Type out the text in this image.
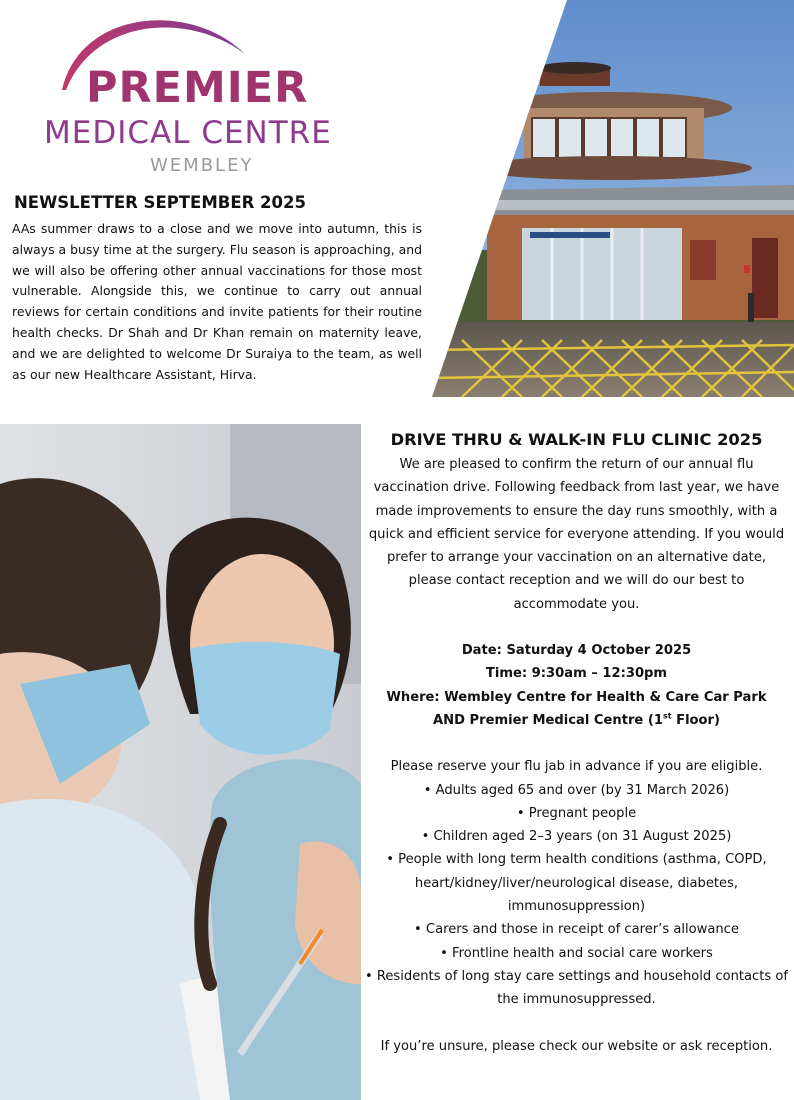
PREMIER
MEDICAL CENTRE
WEMBLEY
NEWSLETTER SEPTEMBER 2025

AAs summer draws to a close and we move into autumn, this is always a busy time at the surgery. Flu season is approaching, and we will also be offering other annual vaccinations for those most vulnerable. Alongside this, we continue to carry out annual reviews for certain conditions and invite patients for their routine health checks. Dr Shah and Dr Khan remain on maternity leave, and we are delighted to welcome Dr Suraiya to the team, as well as our new Healthcare Assistant, Hirva.

DRIVE THRU & WALK-IN FLU CLINIC 2025

We are pleased to confirm the return of our annual flu vaccination drive. Following feedback from last year, we have made improvements to ensure the day runs smoothly, with a quick and efficient service for everyone attending. If you would prefer to arrange your vaccination on an alternative date, please contact reception and we will do our best to accommodate you.

Date: Saturday 4 October 2025

Time: 9:30am – 12:30pm

Where: Wembley Centre for Health & Care Car Park

AND Premier Medical Centre (1st Floor)

Please reserve your flu jab in advance if you are eligible.

• Adults aged 65 and over (by 31 March 2026)
• Pregnant people
• Children aged 2–3 years (on 31 August 2025)
• People with long term health conditions (asthma, COPD, heart/kidney/liver/neurological disease, diabetes, immunosuppression)
• Carers and those in receipt of carer’s allowance
• Frontline health and social care workers
• Residents of long stay care settings and household contacts of the immunosuppressed.

If you’re unsure, please check our website or ask reception.
